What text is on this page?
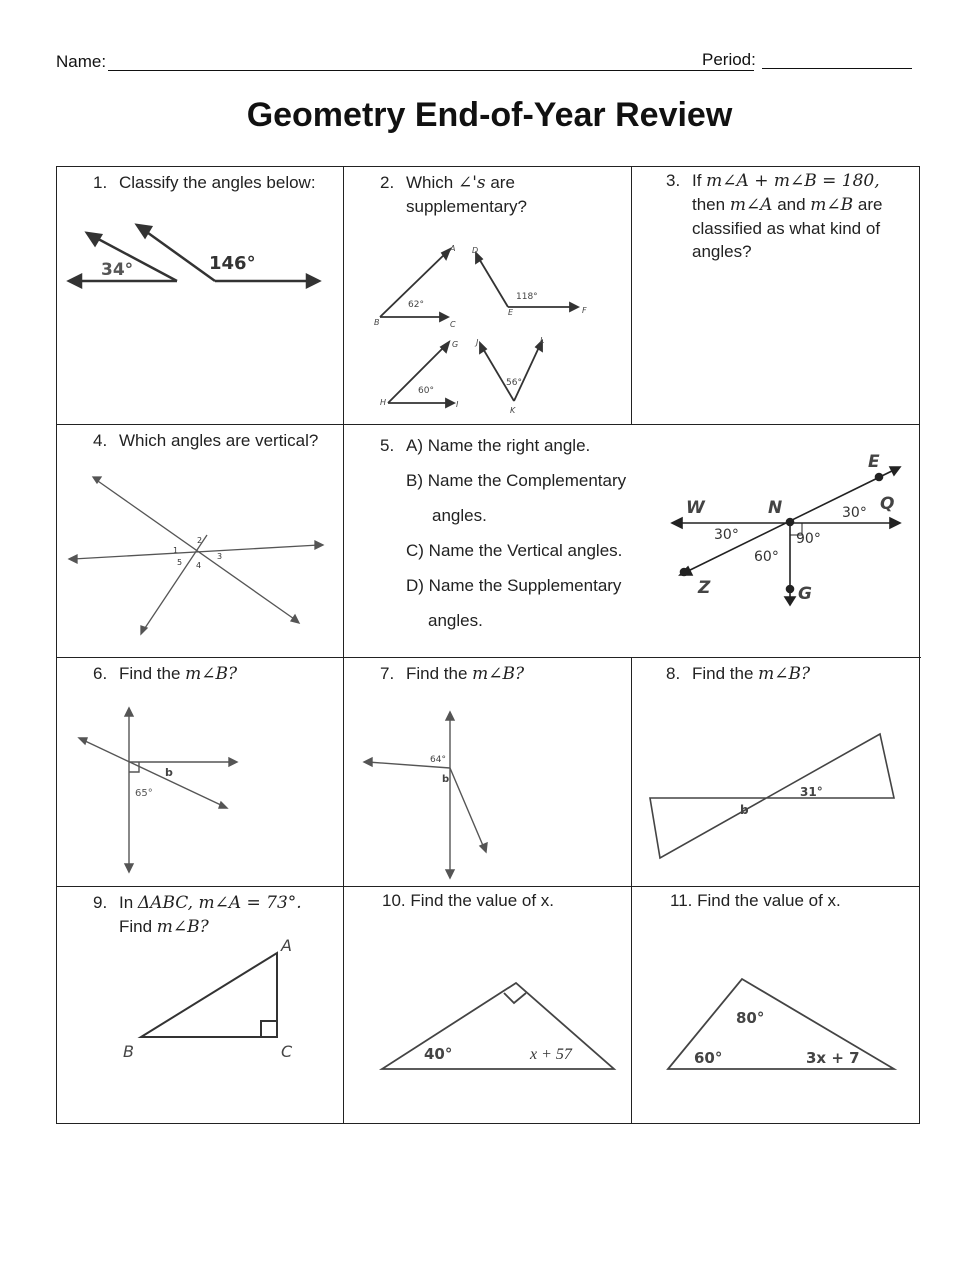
Name:	Period:
Geometry End-of-Year Review
1. Classify the angles below:
34°	146°
2. Which ∠'s are
supplementary?
62°
118°
60°
56°
A
B	C
D
E	F
G
H	I
J
K
L
3. If m∠A + m∠B = 180,
then m∠A and m∠B are
classified as what kind of
angles?
4. Which angles are vertical?
1
2
3
4
5
5. A) Name the right angle.
B) Name the Complementary
angles.
C) Name the Vertical angles.
D) Name the Supplementary
angles.
30°
60°
90°
30°
E
W	N	Q
Z	G
6. Find the m∠B?
b
65°
7. Find the m∠B?
64°
b
8. Find the m∠B?
b
31°
9. In ΔABC, m∠A = 73°.
Find m∠B?
A
B	C
10. Find the value of x.
40°	x + 57
11. Find the value of x.
80°
60°	3x + 7
